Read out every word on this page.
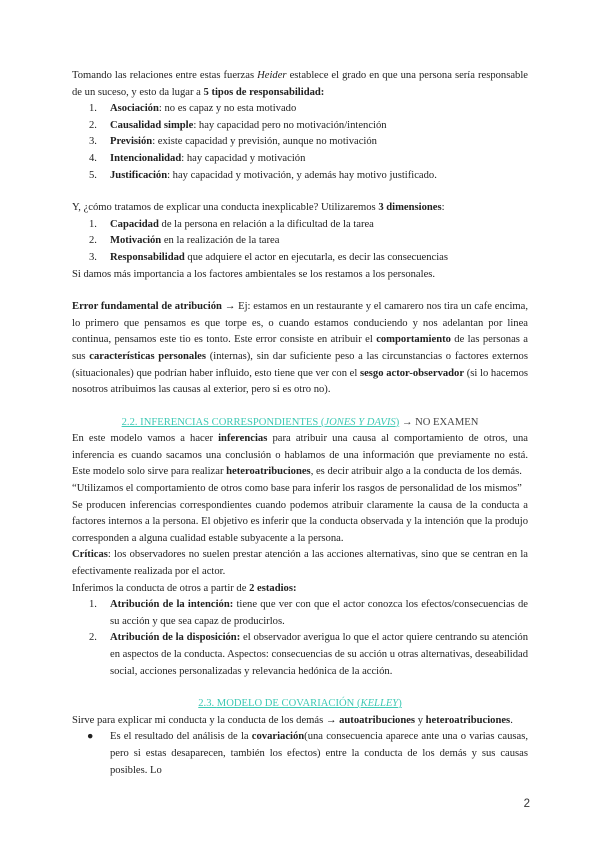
Tomando las relaciones entre estas fuerzas Heider establece el grado en que una persona sería responsable de un suceso, y esto da lugar a 5 tipos de responsabilidad:

1. Asociación: no es capaz y no esta motivado
2. Causalidad simple: hay capacidad pero no motivación/intención
3. Previsión: existe capacidad y previsión, aunque no motivación
4. Intencionalidad: hay capacidad y motivación
5. Justificación: hay capacidad y motivación, y además hay motivo justificado.

Y, ¿cómo tratamos de explicar una conducta inexplicable? Utilizaremos 3 dimensiones:

1. Capacidad de la persona en relación a la dificultad de la tarea
2. Motivación en la realización de la tarea
3. Responsabilidad que adquiere el actor en ejecutarla, es decir las consecuencias

Si damos más importancia a los factores ambientales se los restamos a los personales.

Error fundamental de atribución → Ej: estamos en un restaurante y el camarero nos tira un cafe encima, lo primero que pensamos es que torpe es, o cuando estamos conduciendo y nos adelantan por linea continua, pensamos este tio es tonto. Este error consiste en atribuir el comportamiento de las personas a sus características personales (internas), sin dar suficiente peso a las circunstancias o factores externos (situacionales) que podrían haber influido, esto tiene que ver con el sesgo actor-observador (si lo hacemos nosotros atribuimos las causas al exterior, pero si es otro no).

2.2. INFERENCIAS CORRESPONDIENTES (JONES Y DAVIS) → NO EXAMEN

En este modelo vamos a hacer inferencias para atribuir una causa al comportamiento de otros, una inferencia es cuando sacamos una conclusión o hablamos de una información que previamente no está. Este modelo solo sirve para realizar heteroatribuciones, es decir atribuir algo a la conducta de los demás.

“Utilizamos el comportamiento de otros como base para inferir los rasgos de personalidad de los mismos”

Se producen inferencias correspondientes cuando podemos atribuir claramente la causa de la conducta a factores internos a la persona. El objetivo es inferir que la conducta observada y la intención que la produjo corresponden a alguna cualidad estable subyacente a la persona.

Críticas: los observadores no suelen prestar atención a las acciones alternativas, sino que se centran en la efectivamente realizada por el actor.

Inferimos la conducta de otros a partir de 2 estadios:

1. Atribución de la intención: tiene que ver con que el actor conozca los efectos/consecuencias de su acción y que sea capaz de producirlos.
2. Atribución de la disposición: el observador averigua lo que el actor quiere centrando su atención en aspectos de la conducta. Aspectos: consecuencias de su acción u otras alternativas, deseabilidad social, acciones personalizadas y relevancia hedónica de la acción.

2.3. MODELO DE COVARIACIÓN (KELLEY)

Sirve para explicar mi conducta y la conducta de los demás → autoatribuciones y heteroatribuciones.

● Es el resultado del análisis de la covariación(una consecuencia aparece ante una o varias causas, pero si estas desaparecen, también los efectos) entre la conducta de los demás y sus causas posibles. Lo
2
